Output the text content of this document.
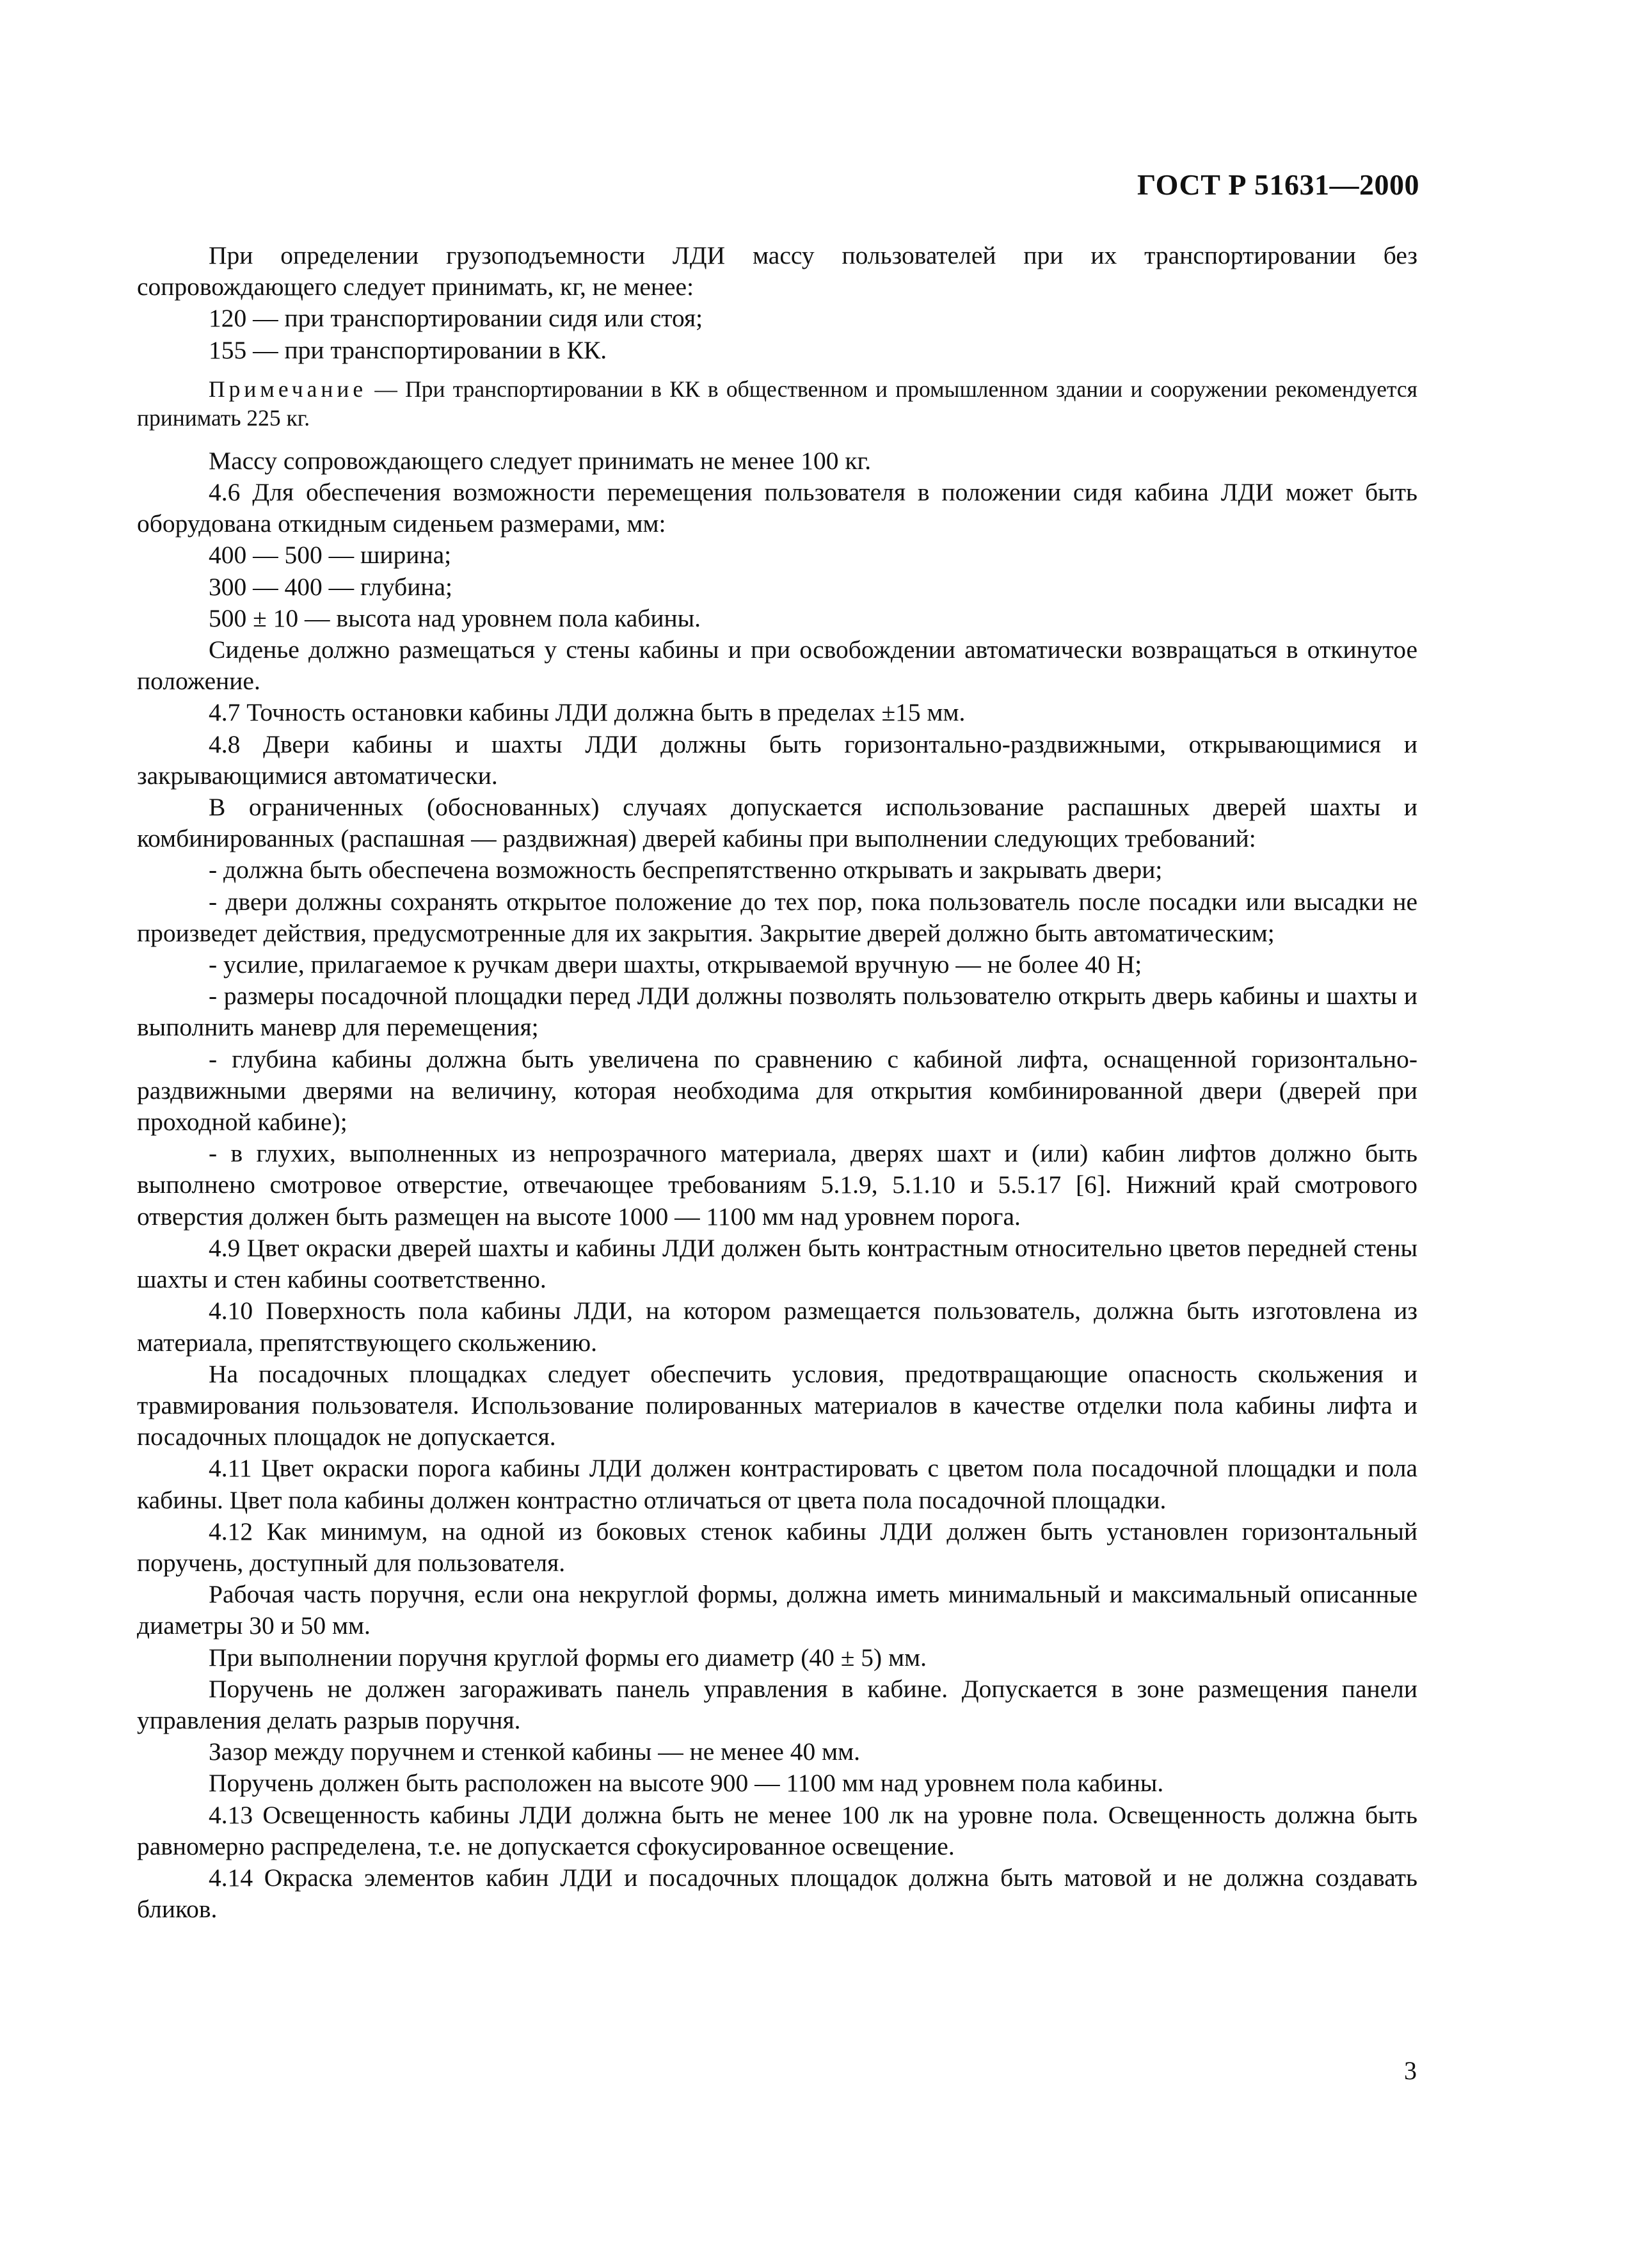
ГОСТ Р 51631—2000

При определении грузоподъемности ЛДИ массу пользователей при их транспортировании без сопровождающего следует принимать, кг, не менее:

120 — при транспортировании сидя или стоя;

155 — при транспортировании в КК.

Примечание — При транспортировании в КК в общественном и промышленном здании и сооружении рекомендуется принимать 225 кг.

Массу сопровождающего следует принимать не менее 100 кг.

4.6 Для обеспечения возможности перемещения пользователя в положении сидя кабина ЛДИ может быть оборудована откидным сиденьем размерами, мм:

400 — 500 — ширина;

300 — 400 — глубина;

500 ± 10 — высота над уровнем пола кабины.

Сиденье должно размещаться у стены кабины и при освобождении автоматически возвращаться в откинутое положение.

4.7 Точность остановки кабины ЛДИ должна быть в пределах ±15 мм.

4.8 Двери кабины и шахты ЛДИ должны быть горизонтально-раздвижными, открывающимися и закрывающимися автоматически.

В ограниченных (обоснованных) случаях допускается использование распашных дверей шахты и комбинированных (распашная — раздвижная) дверей кабины при выполнении следующих требований:

- должна быть обеспечена возможность беспрепятственно открывать и закрывать двери;

- двери должны сохранять открытое положение до тех пор, пока пользователь после посадки или высадки не произведет действия, предусмотренные для их закрытия. Закрытие дверей должно быть автоматическим;

- усилие, прилагаемое к ручкам двери шахты, открываемой вручную — не более 40 Н;

- размеры посадочной площадки перед ЛДИ должны позволять пользователю открыть дверь кабины и шахты и выполнить маневр для перемещения;

- глубина кабины должна быть увеличена по сравнению с кабиной лифта, оснащенной горизонтально-раздвижными дверями на величину, которая необходима для открытия комбинированной двери (дверей при проходной кабине);

- в глухих, выполненных из непрозрачного материала, дверях шахт и (или) кабин лифтов должно быть выполнено смотровое отверстие, отвечающее требованиям 5.1.9, 5.1.10 и 5.5.17 [6]. Нижний край смотрового отверстия должен быть размещен на высоте 1000 — 1100 мм над уровнем порога.

4.9 Цвет окраски дверей шахты и кабины ЛДИ должен быть контрастным относительно цветов передней стены шахты и стен кабины соответственно.

4.10 Поверхность пола кабины ЛДИ, на котором размещается пользователь, должна быть изготовлена из материала, препятствующего скольжению.

На посадочных площадках следует обеспечить условия, предотвращающие опасность скольжения и травмирования пользователя. Использование полированных материалов в качестве отделки пола кабины лифта и посадочных площадок не допускается.

4.11 Цвет окраски порога кабины ЛДИ должен контрастировать с цветом пола посадочной площадки и пола кабины. Цвет пола кабины должен контрастно отличаться от цвета пола посадочной площадки.

4.12 Как минимум, на одной из боковых стенок кабины ЛДИ должен быть установлен горизонтальный поручень, доступный для пользователя.

Рабочая часть поручня, если она некруглой формы, должна иметь минимальный и максимальный описанные диаметры 30 и 50 мм.

При выполнении поручня круглой формы его диаметр (40 ± 5) мм.

Поручень не должен загораживать панель управления в кабине. Допускается в зоне размещения панели управления делать разрыв поручня.

Зазор между поручнем и стенкой кабины — не менее 40 мм.

Поручень должен быть расположен на высоте 900 — 1100 мм над уровнем пола кабины.

4.13 Освещенность кабины ЛДИ должна быть не менее 100 лк на уровне пола. Освещенность должна быть равномерно распределена, т.е. не допускается сфокусированное освещение.

4.14 Окраска элементов кабин ЛДИ и посадочных площадок должна быть матовой и не должна создавать бликов.

3
